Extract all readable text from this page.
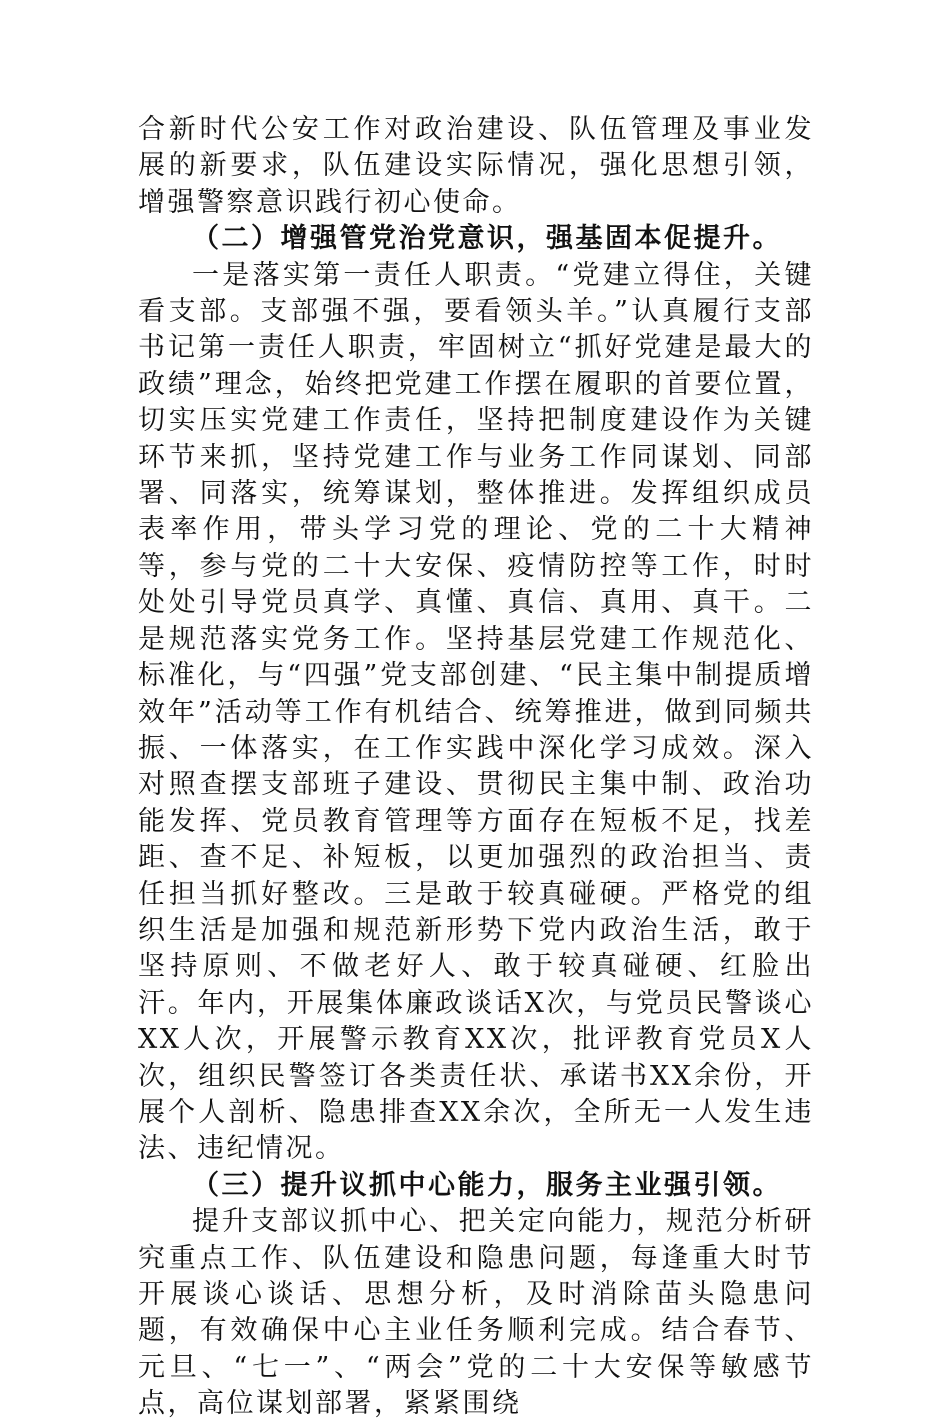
合新时代公安工作对政治建设、队伍管理及事业发展的新要求，队伍建设实际情况，强化思想引领，增强警察意识践行初心使命。

（二）增强管党治党意识，强基固本促提升。

一是落实第一责任人职责。“党建立得住，关键看支部。支部强不强，要看领头羊。”认真履行支部书记第一责任人职责，牢固树立“抓好党建是最大的政绩”理念，始终把党建工作摆在履职的首要位置，切实压实党建工作责任，坚持把制度建设作为关键环节来抓，坚持党建工作与业务工作同谋划、同部署、同落实，统筹谋划，整体推进。发挥组织成员表率作用，带头学习党的理论、党的二十大精神等，参与党的二十大安保、疫情防控等工作，时时处处引导党员真学、真懂、真信、真用、真干。二是规范落实党务工作。坚持基层党建工作规范化、标准化，与“四强”党支部创建、“民主集中制提质增效年”活动等工作有机结合、统筹推进，做到同频共振、一体落实，在工作实践中深化学习成效。深入对照查摆支部班子建设、贯彻民主集中制、政治功能发挥、党员教育管理等方面存在短板不足，找差距、查不足、补短板，以更加强烈的政治担当、责任担当抓好整改。三是敢于较真碰硬。严格党的组织生活是加强和规范新形势下党内政治生活，敢于坚持原则、不做老好人、敢于较真碰硬、红脸出汗。年内，开展集体廉政谈话X次，与党员民警谈心XX人次，开展警示教育XX次，批评教育党员X人次，组织民警签订各类责任状、承诺书XX余份，开展个人剖析、隐患排查XX余次，全所无一人发生违法、违纪情况。

（三）提升议抓中心能力，服务主业强引领。

提升支部议抓中心、把关定向能力，规范分析研究重点工作、队伍建设和隐患问题，每逢重大时节开展谈心谈话、思想分析，及时消除苗头隐患问题，有效确保中心主业任务顺利完成。结合春节、元旦、“七一”、“两会”党的二十大安保等敏感节点，高位谋划部署，紧紧围绕
